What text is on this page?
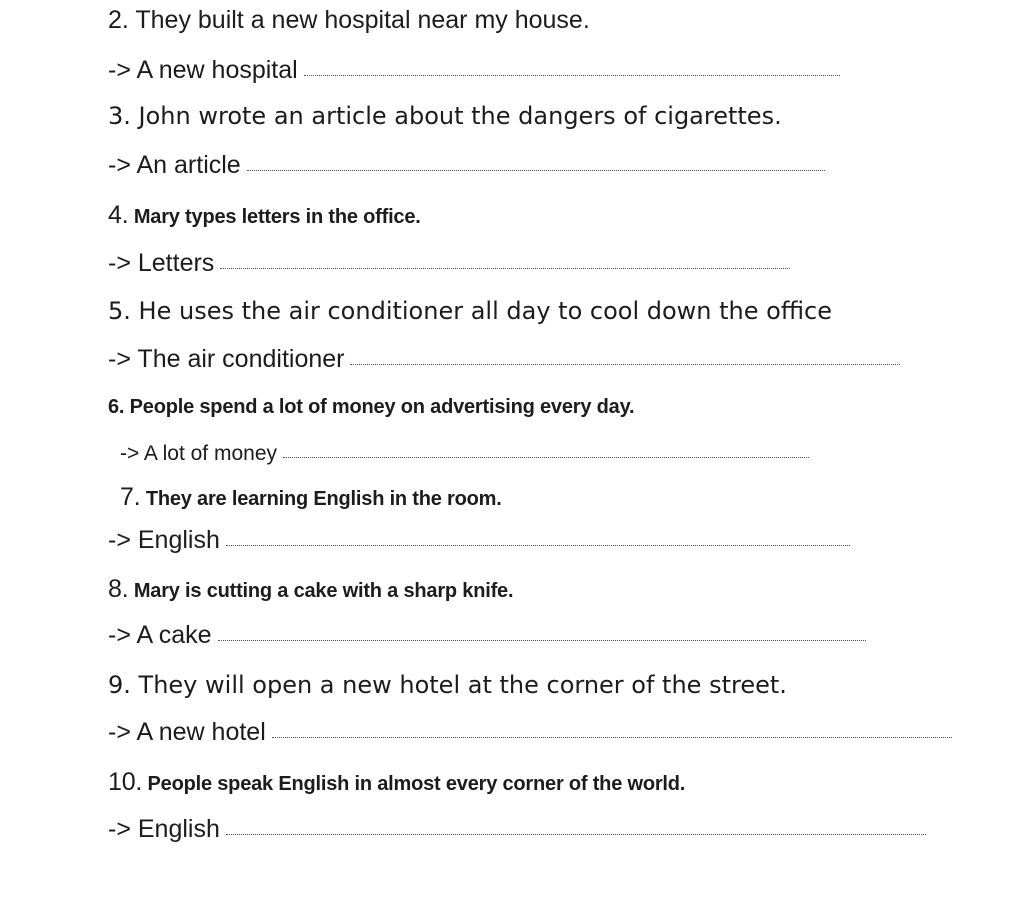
2. They built a new hospital near my house.
-> A new hospital
3. John wrote an article about the dangers of cigarettes.
-> An article
4. Mary types letters in the office.
-> Letters
5. He uses the air conditioner all day to cool down the office
-> The air conditioner
6. People spend a lot of money on advertising every day.
-> A lot of money
7. They are learning English in the room.
-> English
8. Mary is cutting a cake with a sharp knife.
-> A cake
9. They will open a new hotel at the corner of the street.
-> A new hotel
10. People speak English in almost every corner of the world.
-> English
